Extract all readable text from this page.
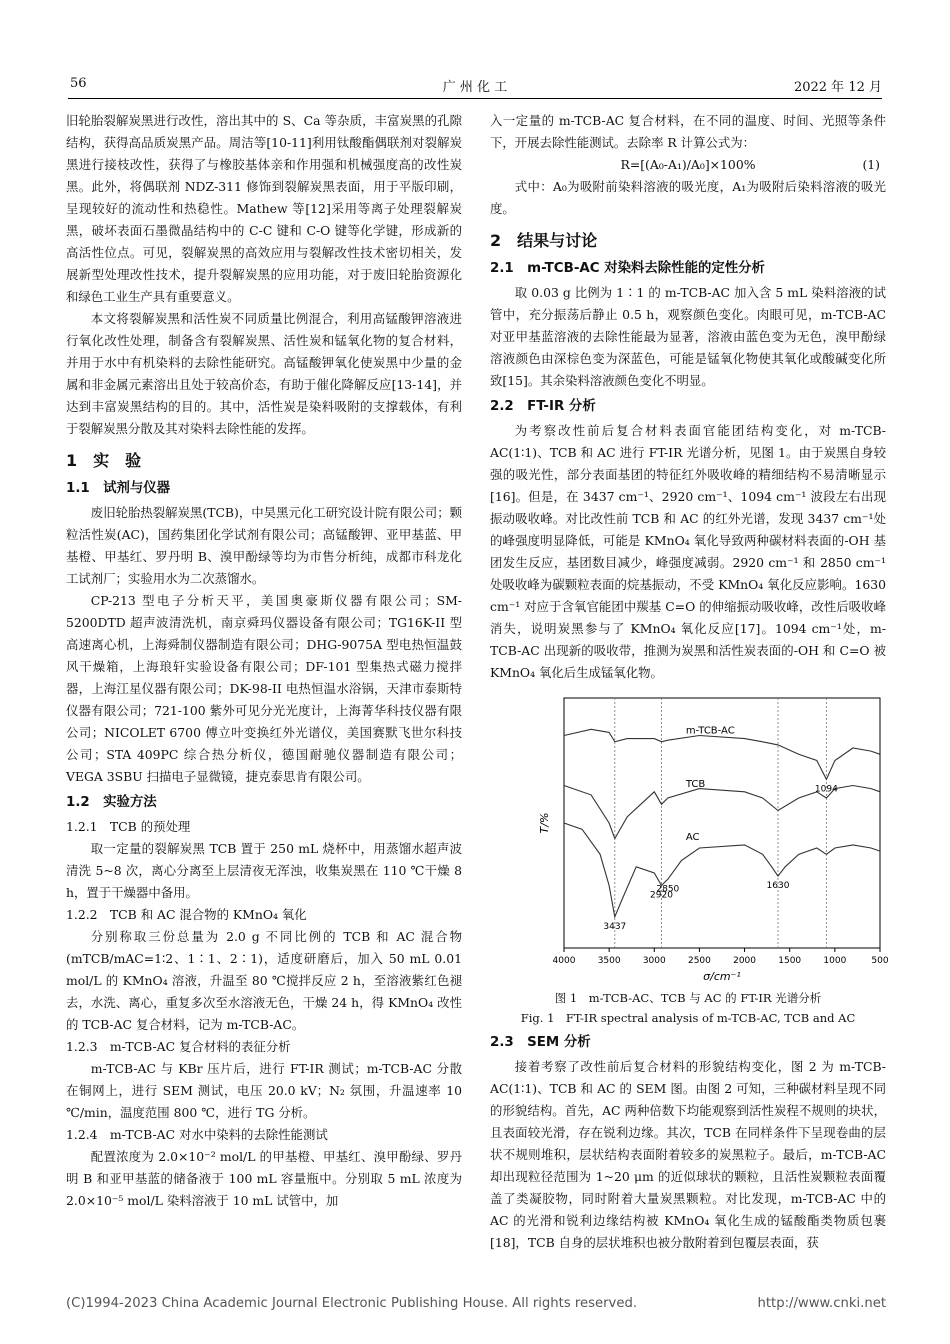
56	广 州 化 工	2022 年 12 月

旧轮胎裂解炭黑进行改性，溶出其中的 S、Ca 等杂质，丰富炭黑的孔隙结构，获得高品质炭黑产品。周洁等[10-11]利用钛酸酯偶联剂对裂解炭黑进行接枝改性，获得了与橡胶基体亲和作用强和机械强度高的改性炭黑。此外，将偶联剂 NDZ-311 修饰到裂解炭黑表面，用于平版印刷，呈现较好的流动性和热稳性。Mathew 等[12]采用等离子处理裂解炭黑，破坏表面石墨微晶结构中的 C-C 键和 C-O 键等化学键，形成新的高活性位点。可见，裂解炭黑的高效应用与裂解改性技术密切相关，发展新型处理改性技术，提升裂解炭黑的应用功能，对于废旧轮胎资源化和绿色工业生产具有重要意义。

本文将裂解炭黑和活性炭不同质量比例混合，利用高锰酸钾溶液进行氧化改性处理，制备含有裂解炭黑、活性炭和锰氧化物的复合材料，并用于水中有机染料的去除性能研究。高锰酸钾氧化使炭黑中少量的金属和非金属元素溶出且处于较高价态，有助于催化降解反应[13-14]，并达到丰富炭黑结构的目的。其中，活性炭是染料吸附的支撑载体，有利于裂解炭黑分散及其对染料去除性能的发挥。

1　实　验
1.1　试剂与仪器

废旧轮胎热裂解炭黑(TCB)，中昊黑元化工研究设计院有限公司；颗粒活性炭(AC)，国药集团化学试剂有限公司；高锰酸钾、亚甲基蓝、甲基橙、甲基红、罗丹明 B、溴甲酚绿等均为市售分析纯，成都市科龙化工试剂厂；实验用水为二次蒸馏水。

CP-213 型电子分析天平，美国奥豪斯仪器有限公司；SM-5200DTD 超声波清洗机，南京舜玛仪器设备有限公司；TG16K-II 型高速离心机，上海舜制仪器制造有限公司；DHG-9075A 型电热恒温鼓风干燥箱，上海琅轩实验设备有限公司；DF-101 型集热式磁力搅拌器，上海江星仪器有限公司；DK-98-II 电热恒温水浴锅，天津市泰斯特仪器有限公司；721-100 紫外可见分光光度计，上海菁华科技仪器有限公司；NICOLET 6700 傅立叶变换红外光谱仪，美国赛默飞世尔科技公司；STA 409PC 综合热分析仪，德国耐驰仪器制造有限公司；VEGA 3SBU 扫描电子显微镜，捷克泰思肯有限公司。

1.2　实验方法

1.2.1　TCB 的预处理

取一定量的裂解炭黑 TCB 置于 250 mL 烧杯中，用蒸馏水超声波清洗 5~8 次，离心分离至上层清夜无浑浊，收集炭黑在 110 ℃干燥 8 h，置于干燥器中备用。

1.2.2　TCB 和 AC 混合物的 KMnO₄ 氧化

分别称取三份总量为 2.0 g 不同比例的 TCB 和 AC 混合物(mTCB/mAC=1∶2、1∶1、2∶1)，适度研磨后，加入 50 mL 0.01 mol/L 的 KMnO₄ 溶液，升温至 80 ℃搅拌反应 2 h，至溶液紫红色褪去，水洗、离心，重复多次至水溶液无色，干燥 24 h，得 KMnO₄ 改性的 TCB-AC 复合材料，记为 m-TCB-AC。

1.2.3　m-TCB-AC 复合材料的表征分析

m-TCB-AC 与 KBr 压片后，进行 FT-IR 测试；m-TCB-AC 分散在铜网上，进行 SEM 测试，电压 20.0 kV；N₂ 氛围，升温速率 10 ℃/min，温度范围 800 ℃，进行 TG 分析。

1.2.4　m-TCB-AC 对水中染料的去除性能测试

配置浓度为 2.0×10⁻² mol/L 的甲基橙、甲基红、溴甲酚绿、罗丹明 B 和亚甲基蓝的储备液于 100 mL 容量瓶中。分别取 5 mL 浓度为 2.0×10⁻⁵ mol/L 染料溶液于 10 mL 试管中，加

入一定量的 m-TCB-AC 复合材料，在不同的温度、时间、光照等条件下，开展去除性能测试。去除率 R 计算公式为：

R=[(A₀-A₁)/A₀]×100%	(1)

式中：A₀为吸附前染料溶液的吸光度，A₁为吸附后染料溶液的吸光度。

2　结果与讨论
2.1　m-TCB-AC 对染料去除性能的定性分析

取 0.03 g 比例为 1∶1 的 m-TCB-AC 加入含 5 mL 染料溶液的试管中，充分振荡后静止 0.5 h，观察颜色变化。肉眼可见，m-TCB-AC 对亚甲基蓝溶液的去除性能最为显著，溶液由蓝色变为无色，溴甲酚绿溶液颜色由深棕色变为深蓝色，可能是锰氧化物使其氧化或酸碱变化所致[15]。其余染料溶液颜色变化不明显。

2.2　FT-IR 分析

为考察改性前后复合材料表面官能团结构变化，对 m-TCB-AC(1∶1)、TCB 和 AC 进行 FT-IR 光谱分析，见图 1。由于炭黑自身较强的吸光性，部分表面基团的特征红外吸收峰的精细结构不易清晰显示[16]。但是，在 3437 cm⁻¹、2920 cm⁻¹、1094 cm⁻¹ 波段左右出现振动吸收峰。对比改性前 TCB 和 AC 的红外光谱，发现 3437 cm⁻¹处的峰强度明显降低，可能是 KMnO₄ 氧化导致两种碳材料表面的-OH 基团发生反应，基团数目减少，峰强度减弱。2920 cm⁻¹ 和 2850 cm⁻¹ 处吸收峰为碳颗粒表面的烷基振动，不受 KMnO₄ 氧化反应影响。1630 cm⁻¹ 对应于含氧官能团中羰基 C=O 的伸缩振动吸收峰，改性后吸收峰消失，说明炭黑参与了 KMnO₄ 氧化反应[17]。1094 cm⁻¹处，m-TCB-AC 出现新的吸收带，推测为炭黑和活性炭表面的-OH 和 C=O 被 KMnO₄ 氧化后生成锰氧化物。

4000 3500 3000 2500 2000 1500 1000	500
m-TCB-AC
TCB
AC
3437
2920
2850	1630
1094
σ/cm⁻¹
T/%

图 1　m-TCB-AC、TCB 与 AC 的 FT-IR 光谱分析

Fig. 1　FT-IR spectral analysis of m-TCB-AC, TCB and AC

2.3　SEM 分析

接着考察了改性前后复合材料的形貌结构变化，图 2 为 m-TCB-AC(1∶1)、TCB 和 AC 的 SEM 图。由图 2 可知，三种碳材料呈现不同的形貌结构。首先，AC 两种倍数下均能观察到活性炭程不规则的块状，且表面较光滑，存在锐利边缘。其次，TCB 在同样条件下呈现卷曲的层状不规则堆积，层状结构表面附着较多的炭黑粒子。最后，m-TCB-AC 却出现粒径范围为 1~20 μm 的近似球状的颗粒，且活性炭颗粒表面覆盖了类凝胶物，同时附着大量炭黑颗粒。对比发现，m-TCB-AC 中的 AC 的光滑和锐利边缘结构被 KMnO₄ 氧化生成的锰酸酯类物质包裹[18]，TCB 自身的层状堆积也被分散附着到包覆层表面，获

(C)1994-2023 China Academic Journal Electronic Publishing House. All rights reserved.	http://www.cnki.net
